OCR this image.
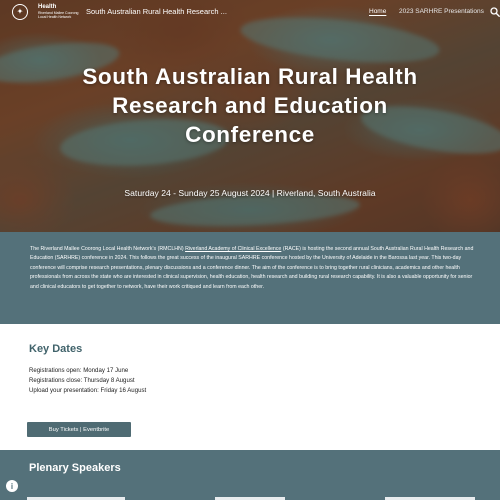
✦	Health
Riverland Mallee Coorong
Local Health Network
South Australian Rural Health Research ...	Home 2023 SARHRE Presentations
South Australian Rural Health
Research and Education
Conference
Saturday 24 - Sunday 25 August 2024 | Riverland, South Australia

The Riverland Mallee Coorong Local Health Network's (RMCLHN) Riverland Academy of Clinical Excellence (RACE) is hosting the second annual South Australian Rural Health Research and Education (SARHRE) conference in 2024. This follows the great success of the inaugural SARHRE conference hosted by the University of Adelaide in the Barossa last year. This two-day conference will comprise research presentations, plenary discussions and a conference dinner. The aim of the conference is to bring together rural clinicians, academics and other health professionals from across the state who are interested in clinical supervision, health education, health research and building rural research capability. It is also a valuable opportunity for senior and clinical educators to get together to network, have their work critiqued and learn from each other.

Key Dates
Registrations open: Monday 17 June
Registrations close: Thursday 8 August
Upload your presentation: Friday 16 August
Buy Tickets | Eventbrite
Plenary Speakers
i
